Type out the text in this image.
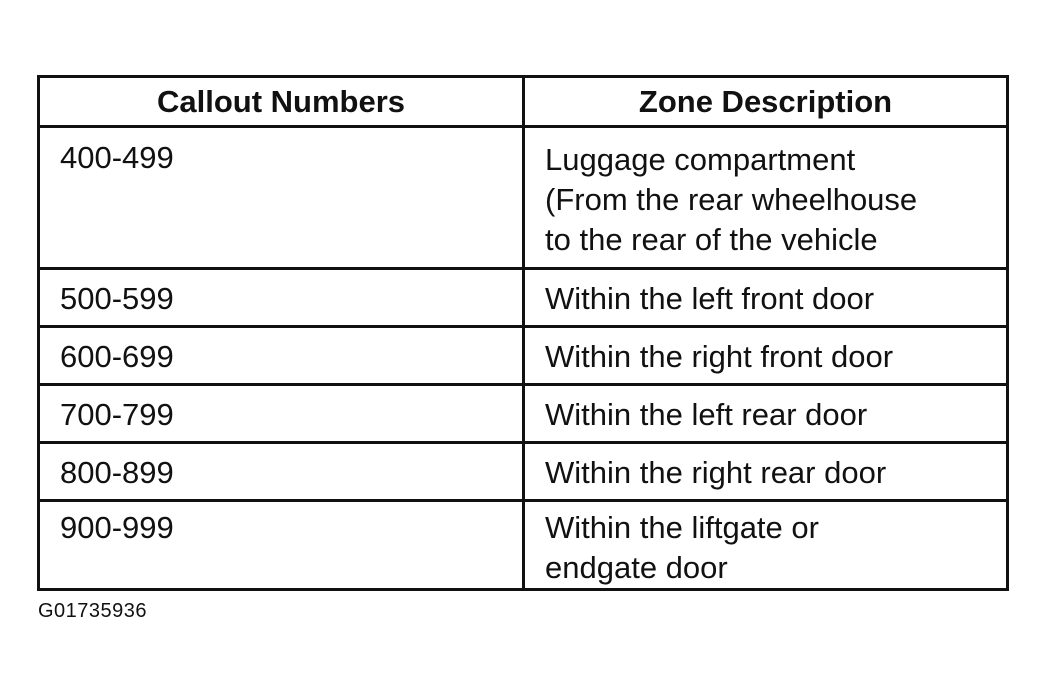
Callout Numbers	Zone Description
400-499	Luggage compartment
(From the rear wheelhouse
to the rear of the vehicle

500-599	Within the left front door

600-699	Within the right front door

700-799	Within the left rear door

800-899	Within the right rear door

900-999	Within the liftgate or
endgate door
G01735936
